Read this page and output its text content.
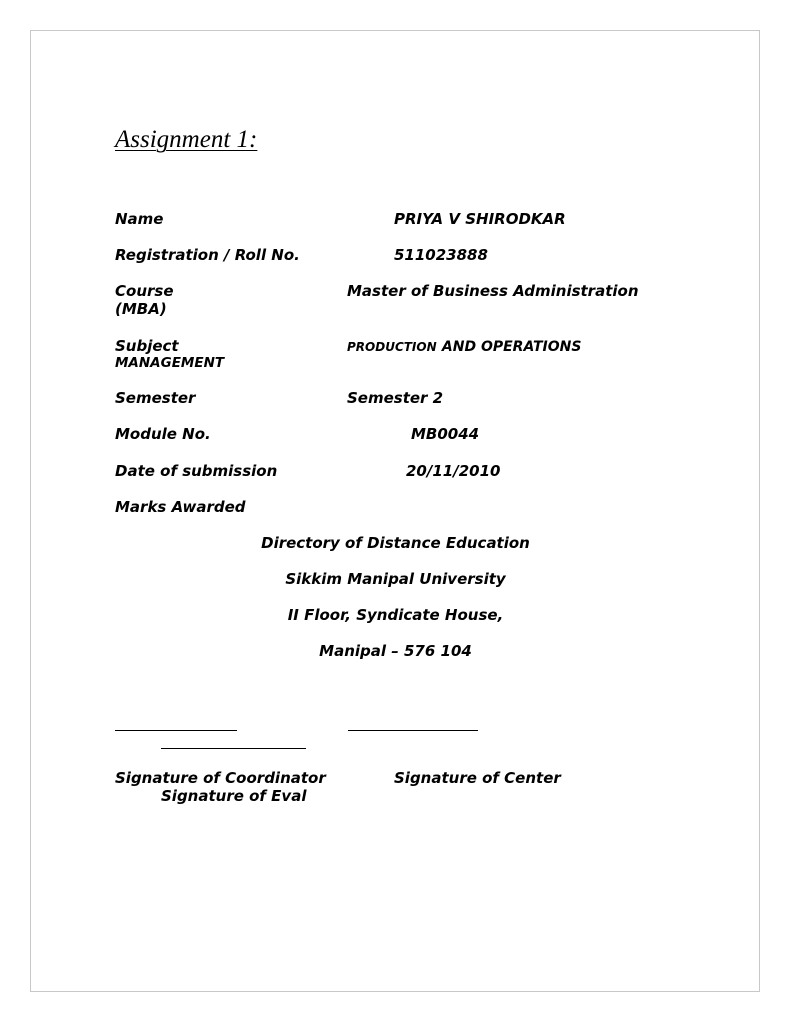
Assignment 1:
Name	PRIYA V SHIRODKAR
Registration / Roll No.	511023888
Course	Master of Business Administration
(MBA)
Subject	PRODUCTION AND OPERATIONS
MANAGEMENT
Semester	Semester 2
Module No.	MB0044
Date of submission	20/11/2010
Marks Awarded
Directory of Distance Education
Sikkim Manipal University
II Floor, Syndicate House,
Manipal – 576 104
Signature of Coordinator	Signature of Center
Signature of Eval
